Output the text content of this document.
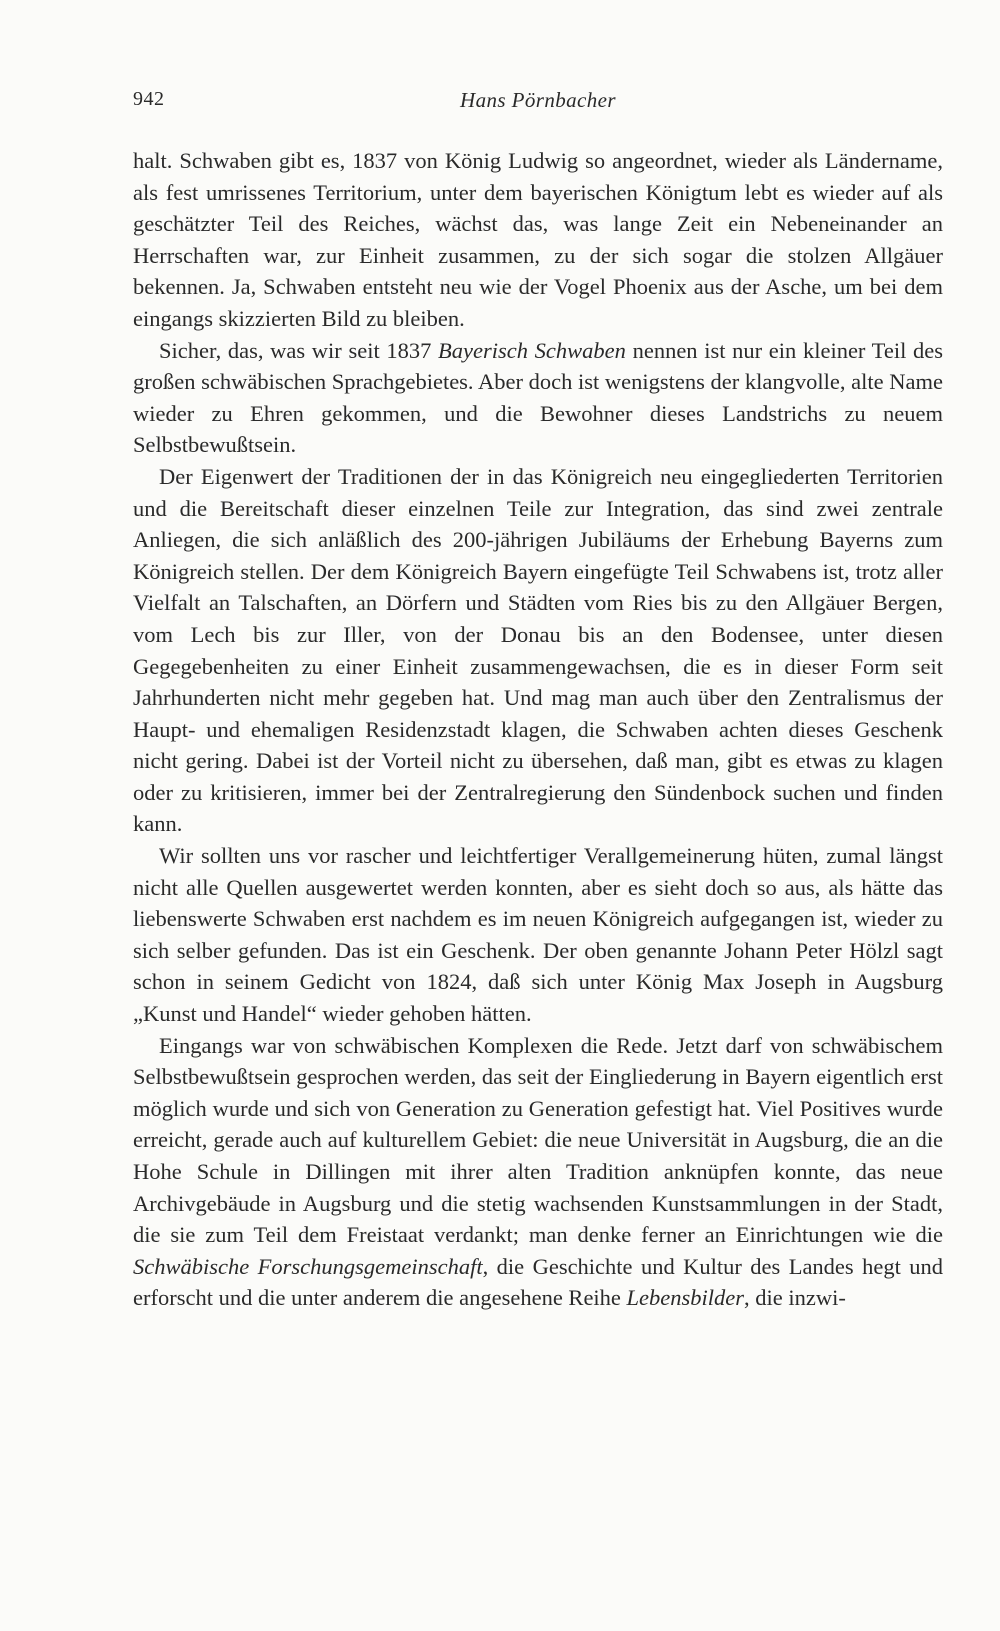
942	Hans Pörnbacher

halt. Schwaben gibt es, 1837 von König Ludwig so angeordnet, wieder als Ländername, als fest umrissenes Territorium, unter dem bayerischen Königtum lebt es wieder auf als geschätzter Teil des Reiches, wächst das, was lange Zeit ein Nebeneinander an Herrschaften war, zur Einheit zusammen, zu der sich sogar die stolzen Allgäuer bekennen. Ja, Schwaben entsteht neu wie der Vogel Phoenix aus der Asche, um bei dem eingangs skizzierten Bild zu bleiben.

Sicher, das, was wir seit 1837 Bayerisch Schwaben nennen ist nur ein kleiner Teil des großen schwäbischen Sprachgebietes. Aber doch ist wenigstens der klangvolle, alte Name wieder zu Ehren gekommen, und die Bewohner dieses Landstrichs zu neuem Selbstbewußtsein.

Der Eigenwert der Traditionen der in das Königreich neu eingegliederten Territorien und die Bereitschaft dieser einzelnen Teile zur Integration, das sind zwei zentrale Anliegen, die sich anläßlich des 200-jährigen Jubiläums der Erhebung Bayerns zum Königreich stellen. Der dem Königreich Bayern eingefügte Teil Schwabens ist, trotz aller Vielfalt an Talschaften, an Dörfern und Städten vom Ries bis zu den Allgäuer Bergen, vom Lech bis zur Iller, von der Donau bis an den Bodensee, unter diesen Gegegebenheiten zu einer Einheit zusammengewachsen, die es in dieser Form seit Jahrhunderten nicht mehr gegeben hat. Und mag man auch über den Zentralismus der Haupt- und ehemaligen Residenzstadt klagen, die Schwaben achten dieses Geschenk nicht gering. Dabei ist der Vorteil nicht zu übersehen, daß man, gibt es etwas zu klagen oder zu kritisieren, immer bei der Zentralregierung den Sündenbock suchen und finden kann.

Wir sollten uns vor rascher und leichtfertiger Verallgemeinerung hüten, zumal längst nicht alle Quellen ausgewertet werden konnten, aber es sieht doch so aus, als hätte das liebenswerte Schwaben erst nachdem es im neuen Königreich aufgegangen ist, wieder zu sich selber gefunden. Das ist ein Geschenk. Der oben genannte Johann Peter Hölzl sagt schon in seinem Gedicht von 1824, daß sich unter König Max Joseph in Augsburg „Kunst und Handel“ wieder gehoben hätten.

Eingangs war von schwäbischen Komplexen die Rede. Jetzt darf von schwäbischem Selbstbewußtsein gesprochen werden, das seit der Eingliederung in Bayern eigentlich erst möglich wurde und sich von Generation zu Generation gefestigt hat. Viel Positives wurde erreicht, gerade auch auf kulturellem Gebiet: die neue Universität in Augsburg, die an die Hohe Schule in Dillingen mit ihrer alten Tradition anknüpfen konnte, das neue Archivgebäude in Augsburg und die stetig wachsenden Kunstsammlungen in der Stadt, die sie zum Teil dem Freistaat verdankt; man denke ferner an Einrichtungen wie die Schwäbische Forschungsgemeinschaft, die Geschichte und Kultur des Landes hegt und erforscht und die unter anderem die angesehene Reihe Lebensbilder, die inzwi-
